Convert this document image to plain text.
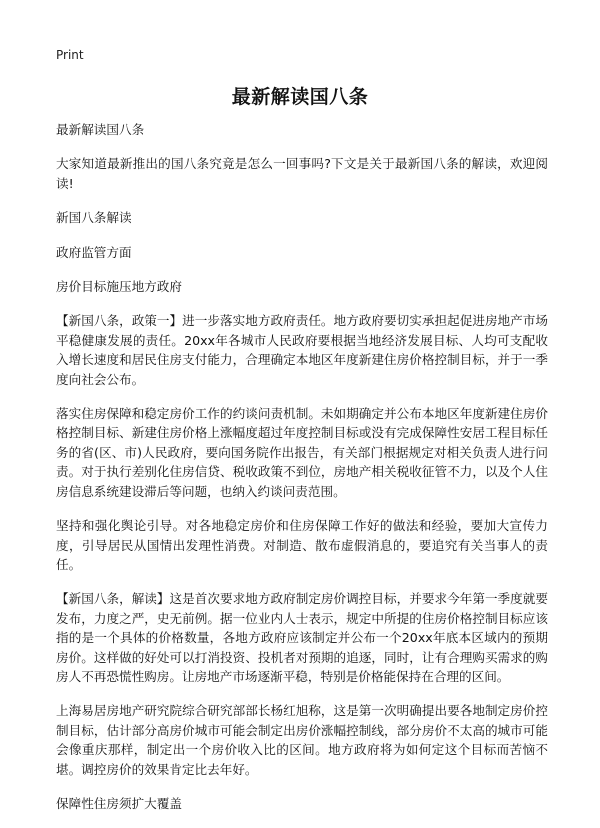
Print
最新解读国八条

最新解读国八条

大家知道最新推出的国八条究竟是怎么一回事吗?下文是关于最新国八条的解读，欢迎阅读!

新国八条解读

政府监管方面

房价目标施压地方政府

【新国八条，政策一】进一步落实地方政府责任。地方政府要切实承担起促进房地产市场平稳健康发展的责任。20xx年各城市人民政府要根据当地经济发展目标、人均可支配收入增长速度和居民住房支付能力，合理确定本地区年度新建住房价格控制目标，并于一季度向社会公布。

落实住房保障和稳定房价工作的约谈问责机制。未如期确定并公布本地区年度新建住房价格控制目标、新建住房价格上涨幅度超过年度控制目标或没有完成保障性安居工程目标任务的省(区、市)人民政府，要向国务院作出报告，有关部门根据规定对相关负责人进行问责。对于执行差别化住房信贷、税收政策不到位，房地产相关税收征管不力，以及个人住房信息系统建设滞后等问题，也纳入约谈问责范围。

坚持和强化舆论引导。对各地稳定房价和住房保障工作好的做法和经验，要加大宣传力度，引导居民从国情出发理性消费。对制造、散布虚假消息的，要追究有关当事人的责任。

【新国八条，解读】这是首次要求地方政府制定房价调控目标，并要求今年第一季度就要发布，力度之严，史无前例。据一位业内人士表示，规定中所提的住房价格控制目标应该指的是一个具体的价格数量，各地方政府应该制定并公布一个20xx年底本区域内的预期房价。这样做的好处可以打消投资、投机者对预期的追逐，同时，让有合理购买需求的购房人不再恐慌性购房。让房地产市场逐渐平稳，特别是价格能保持在合理的区间。

上海易居房地产研究院综合研究部部长杨红旭称，这是第一次明确提出要各地制定房价控制目标，估计部分高房价城市可能会制定出房价涨幅控制线，部分房价不太高的城市可能会像重庆那样，制定出一个房价收入比的区间。地方政府将为如何定这个目标而苦恼不堪。调控房价的效果肯定比去年好。

保障性住房须扩大覆盖
